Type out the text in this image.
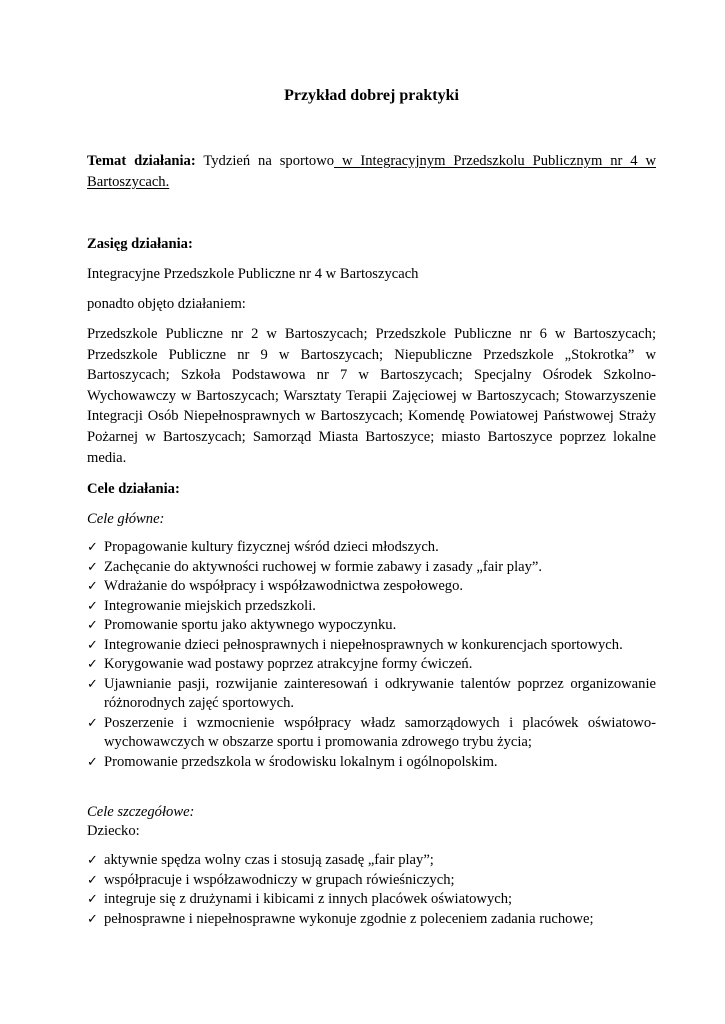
Przykład dobrej praktyki
Temat działania: Tydzień na sportowo w Integracyjnym Przedszkolu Publicznym nr 4 w Bartoszycach.
Zasięg działania:
Integracyjne Przedszkole Publiczne nr 4 w Bartoszycach
ponadto objęto działaniem:
Przedszkole Publiczne nr 2 w Bartoszycach; Przedszkole Publiczne nr 6 w Bartoszycach; Przedszkole Publiczne nr 9 w Bartoszycach; Niepubliczne Przedszkole „Stokrotka” w Bartoszycach; Szkoła Podstawowa nr 7 w Bartoszycach; Specjalny Ośrodek Szkolno-Wychowawczy w Bartoszycach; Warsztaty Terapii Zajęciowej w Bartoszycach; Stowarzyszenie Integracji Osób Niepełnosprawnych w Bartoszycach; Komendę Powiatowej Państwowej Straży Pożarnej w Bartoszycach; Samorząd Miasta Bartoszyce; miasto Bartoszyce poprzez lokalne media.
Cele działania:
Cele główne:
✓ Propagowanie kultury fizycznej wśród dzieci młodszych.
✓ Zachęcanie do aktywności ruchowej w formie zabawy i zasady „fair play”.
✓ Wdrażanie do współpracy i współzawodnictwa zespołowego.
✓ Integrowanie miejskich przedszkoli.
✓ Promowanie sportu jako aktywnego wypoczynku.
✓ Integrowanie dzieci pełnosprawnych i niepełnosprawnych w konkurencjach sportowych.
✓ Korygowanie wad postawy poprzez atrakcyjne formy ćwiczeń.
✓ Ujawnianie pasji, rozwijanie zainteresowań i odkrywanie talentów poprzez organizowanie różnorodnych zajęć sportowych.
✓ Poszerzenie i wzmocnienie współpracy władz samorządowych i placówek oświatowo-wychowawczych w obszarze sportu i promowania zdrowego trybu życia;
✓ Promowanie przedszkola w środowisku lokalnym i ogólnopolskim.
Cele szczegółowe:
Dziecko:
✓ aktywnie spędza wolny czas i stosują zasadę „fair play”;
✓ współpracuje i współzawodniczy w grupach rówieśniczych;
✓ integruje się z drużynami i kibicami z innych placówek oświatowych;
✓ pełnosprawne i niepełnosprawne wykonuje zgodnie z poleceniem zadania ruchowe;
